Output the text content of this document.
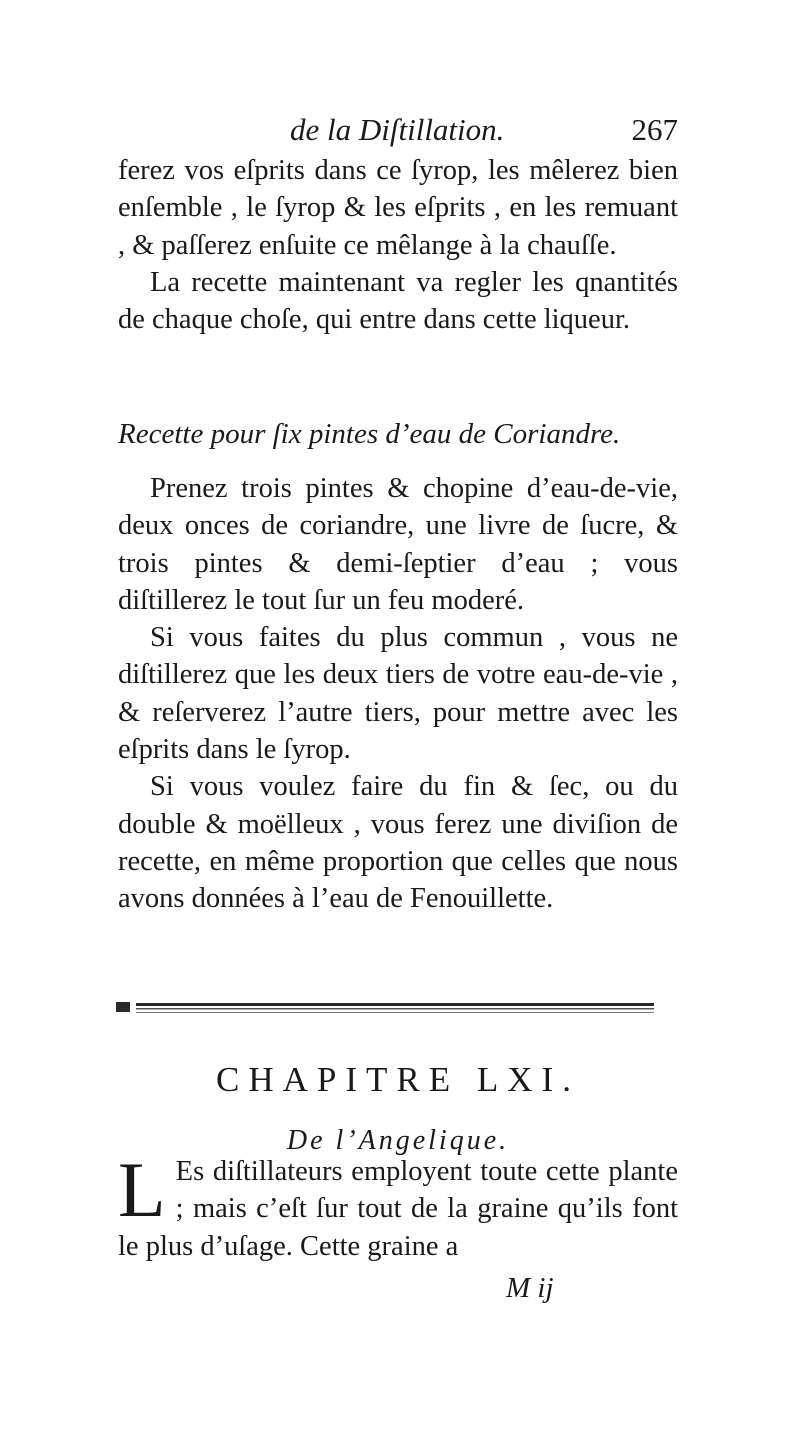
de la Diſtillation.	267

ferez vos eſprits dans ce ſyrop, les mêlerez bien enſemble , le ſyrop & les eſprits , en les remuant , & paſſerez enſuite ce mêlange à la chauſſe.

La recette maintenant va regler les qnantités de chaque choſe, qui entre dans cette liqueur.

Recette pour ſix pintes d’eau de Coriandre.

Prenez trois pintes & chopine d’eau-de-vie, deux onces de coriandre, une livre de ſucre, & trois pintes & demi-ſeptier d’eau ; vous diſtillerez le tout ſur un feu moderé.

Si vous faites du plus commun , vous ne diſtillerez que les deux tiers de votre eau-de-vie , & reſerverez l’autre tiers, pour mettre avec les eſprits dans le ſyrop.

Si vous voulez faire du fin & ſec, ou du double & moëlleux , vous ferez une diviſion de recette, en même proportion que celles que nous avons données à l’eau de Fenouillette.

CHAPITRE LXI.
De l’Angelique.
L Es diſtillateurs employent toute cette plante ; mais c’eſt ſur tout de la graine qu’ils font le plus d’uſage. Cette graine a
M ij
